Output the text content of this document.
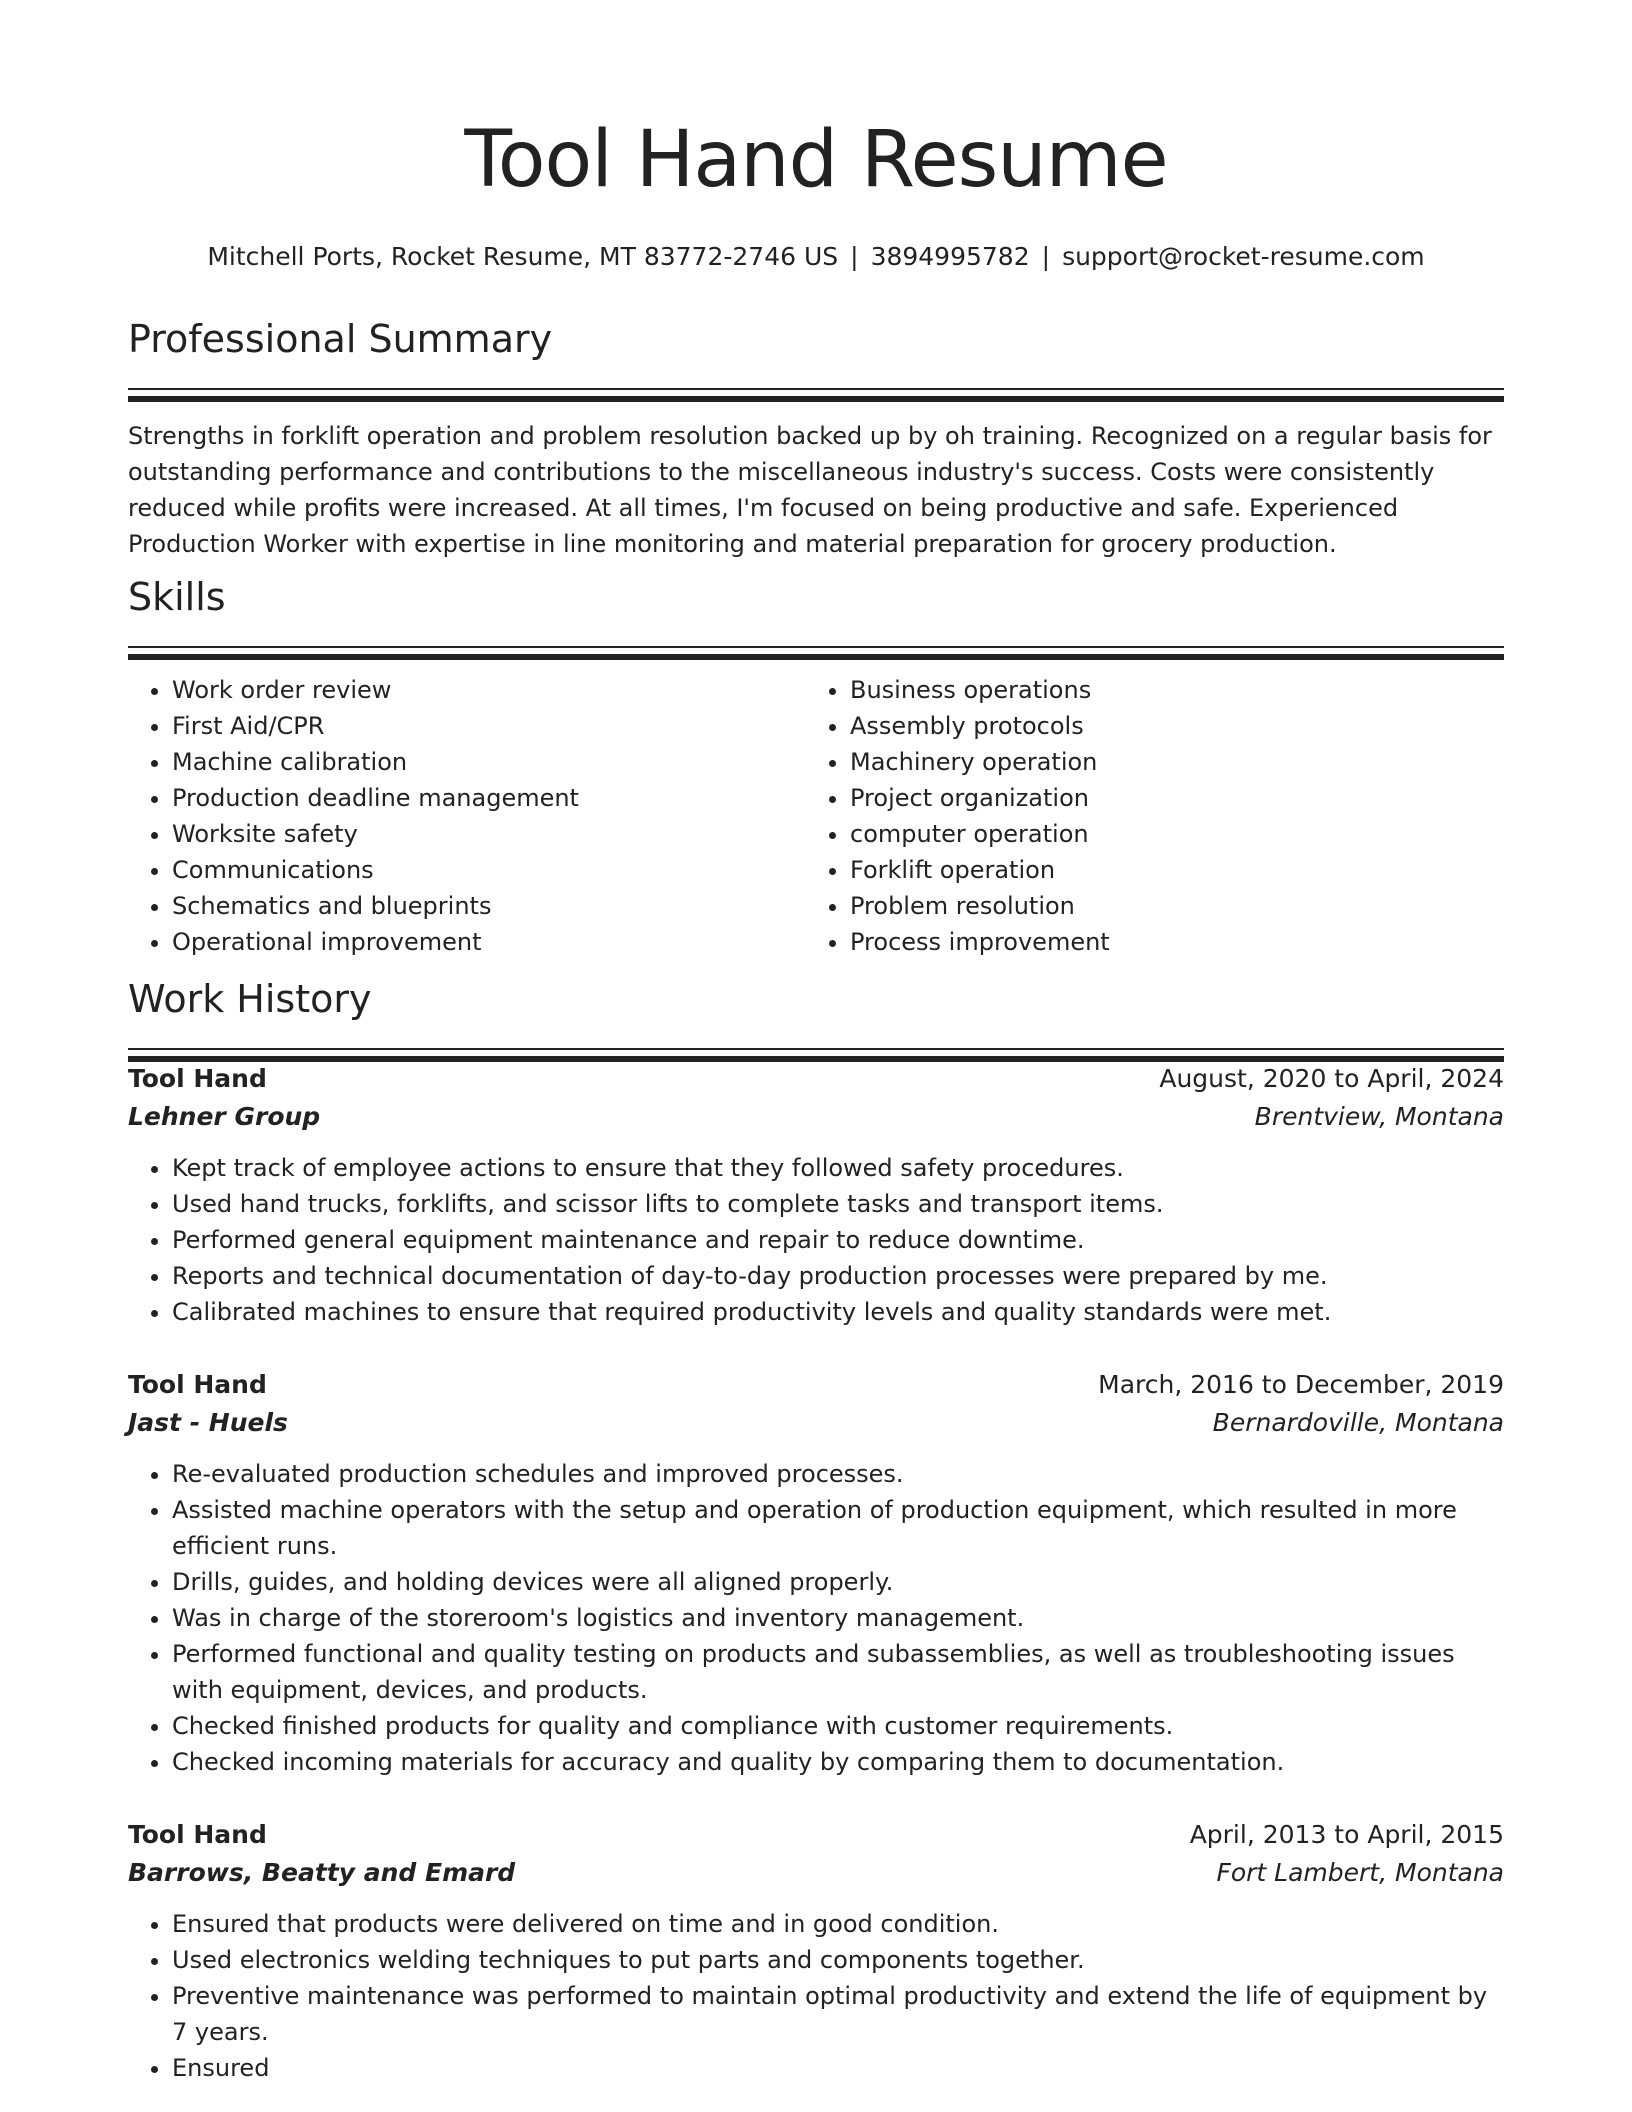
Tool Hand Resume
Mitchell Ports, Rocket Resume, MT 83772-2746 US | 3894995782 | support@rocket-resume.com
Professional Summary

Strengths in forklift operation and problem resolution backed up by oh training. Recognized on a regular basis for outstanding performance and contributions to the miscellaneous industry's success. Costs were consistently reduced while profits were increased. At all times, I'm focused on being productive and safe. Experienced Production Worker with expertise in line monitoring and material preparation for grocery production.

Skills
• Work order review
• First Aid/CPR
• Machine calibration
• Production deadline management
• Worksite safety
• Communications
• Schematics and blueprints
• Operational improvement
• Business operations
• Assembly protocols
• Machinery operation
• Project organization
• computer operation
• Forklift operation
• Problem resolution
• Process improvement
Work History
Tool Hand	August, 2020 to April, 2024
Lehner Group	Brentview, Montana
• Kept track of employee actions to ensure that they followed safety procedures.
• Used hand trucks, forklifts, and scissor lifts to complete tasks and transport items.
• Performed general equipment maintenance and repair to reduce downtime.
• Reports and technical documentation of day-to-day production processes were prepared by me.
• Calibrated machines to ensure that required productivity levels and quality standards were met.
Tool Hand	March, 2016 to December, 2019
Jast - Huels	Bernardoville, Montana
• Re-evaluated production schedules and improved processes.
• Assisted machine operators with the setup and operation of production equipment, which resulted in more efficient runs.
• Drills, guides, and holding devices were all aligned properly.
• Was in charge of the storeroom's logistics and inventory management.
• Performed functional and quality testing on products and subassemblies, as well as troubleshooting issues with equipment, devices, and products.
• Checked finished products for quality and compliance with customer requirements.
• Checked incoming materials for accuracy and quality by comparing them to documentation.
Tool Hand	April, 2013 to April, 2015
Barrows, Beatty and Emard	Fort Lambert, Montana
• Ensured that products were delivered on time and in good condition.
• Used electronics welding techniques to put parts and components together.
• Preventive maintenance was performed to maintain optimal productivity and extend the life of equipment by 7 years.
• Ensured
